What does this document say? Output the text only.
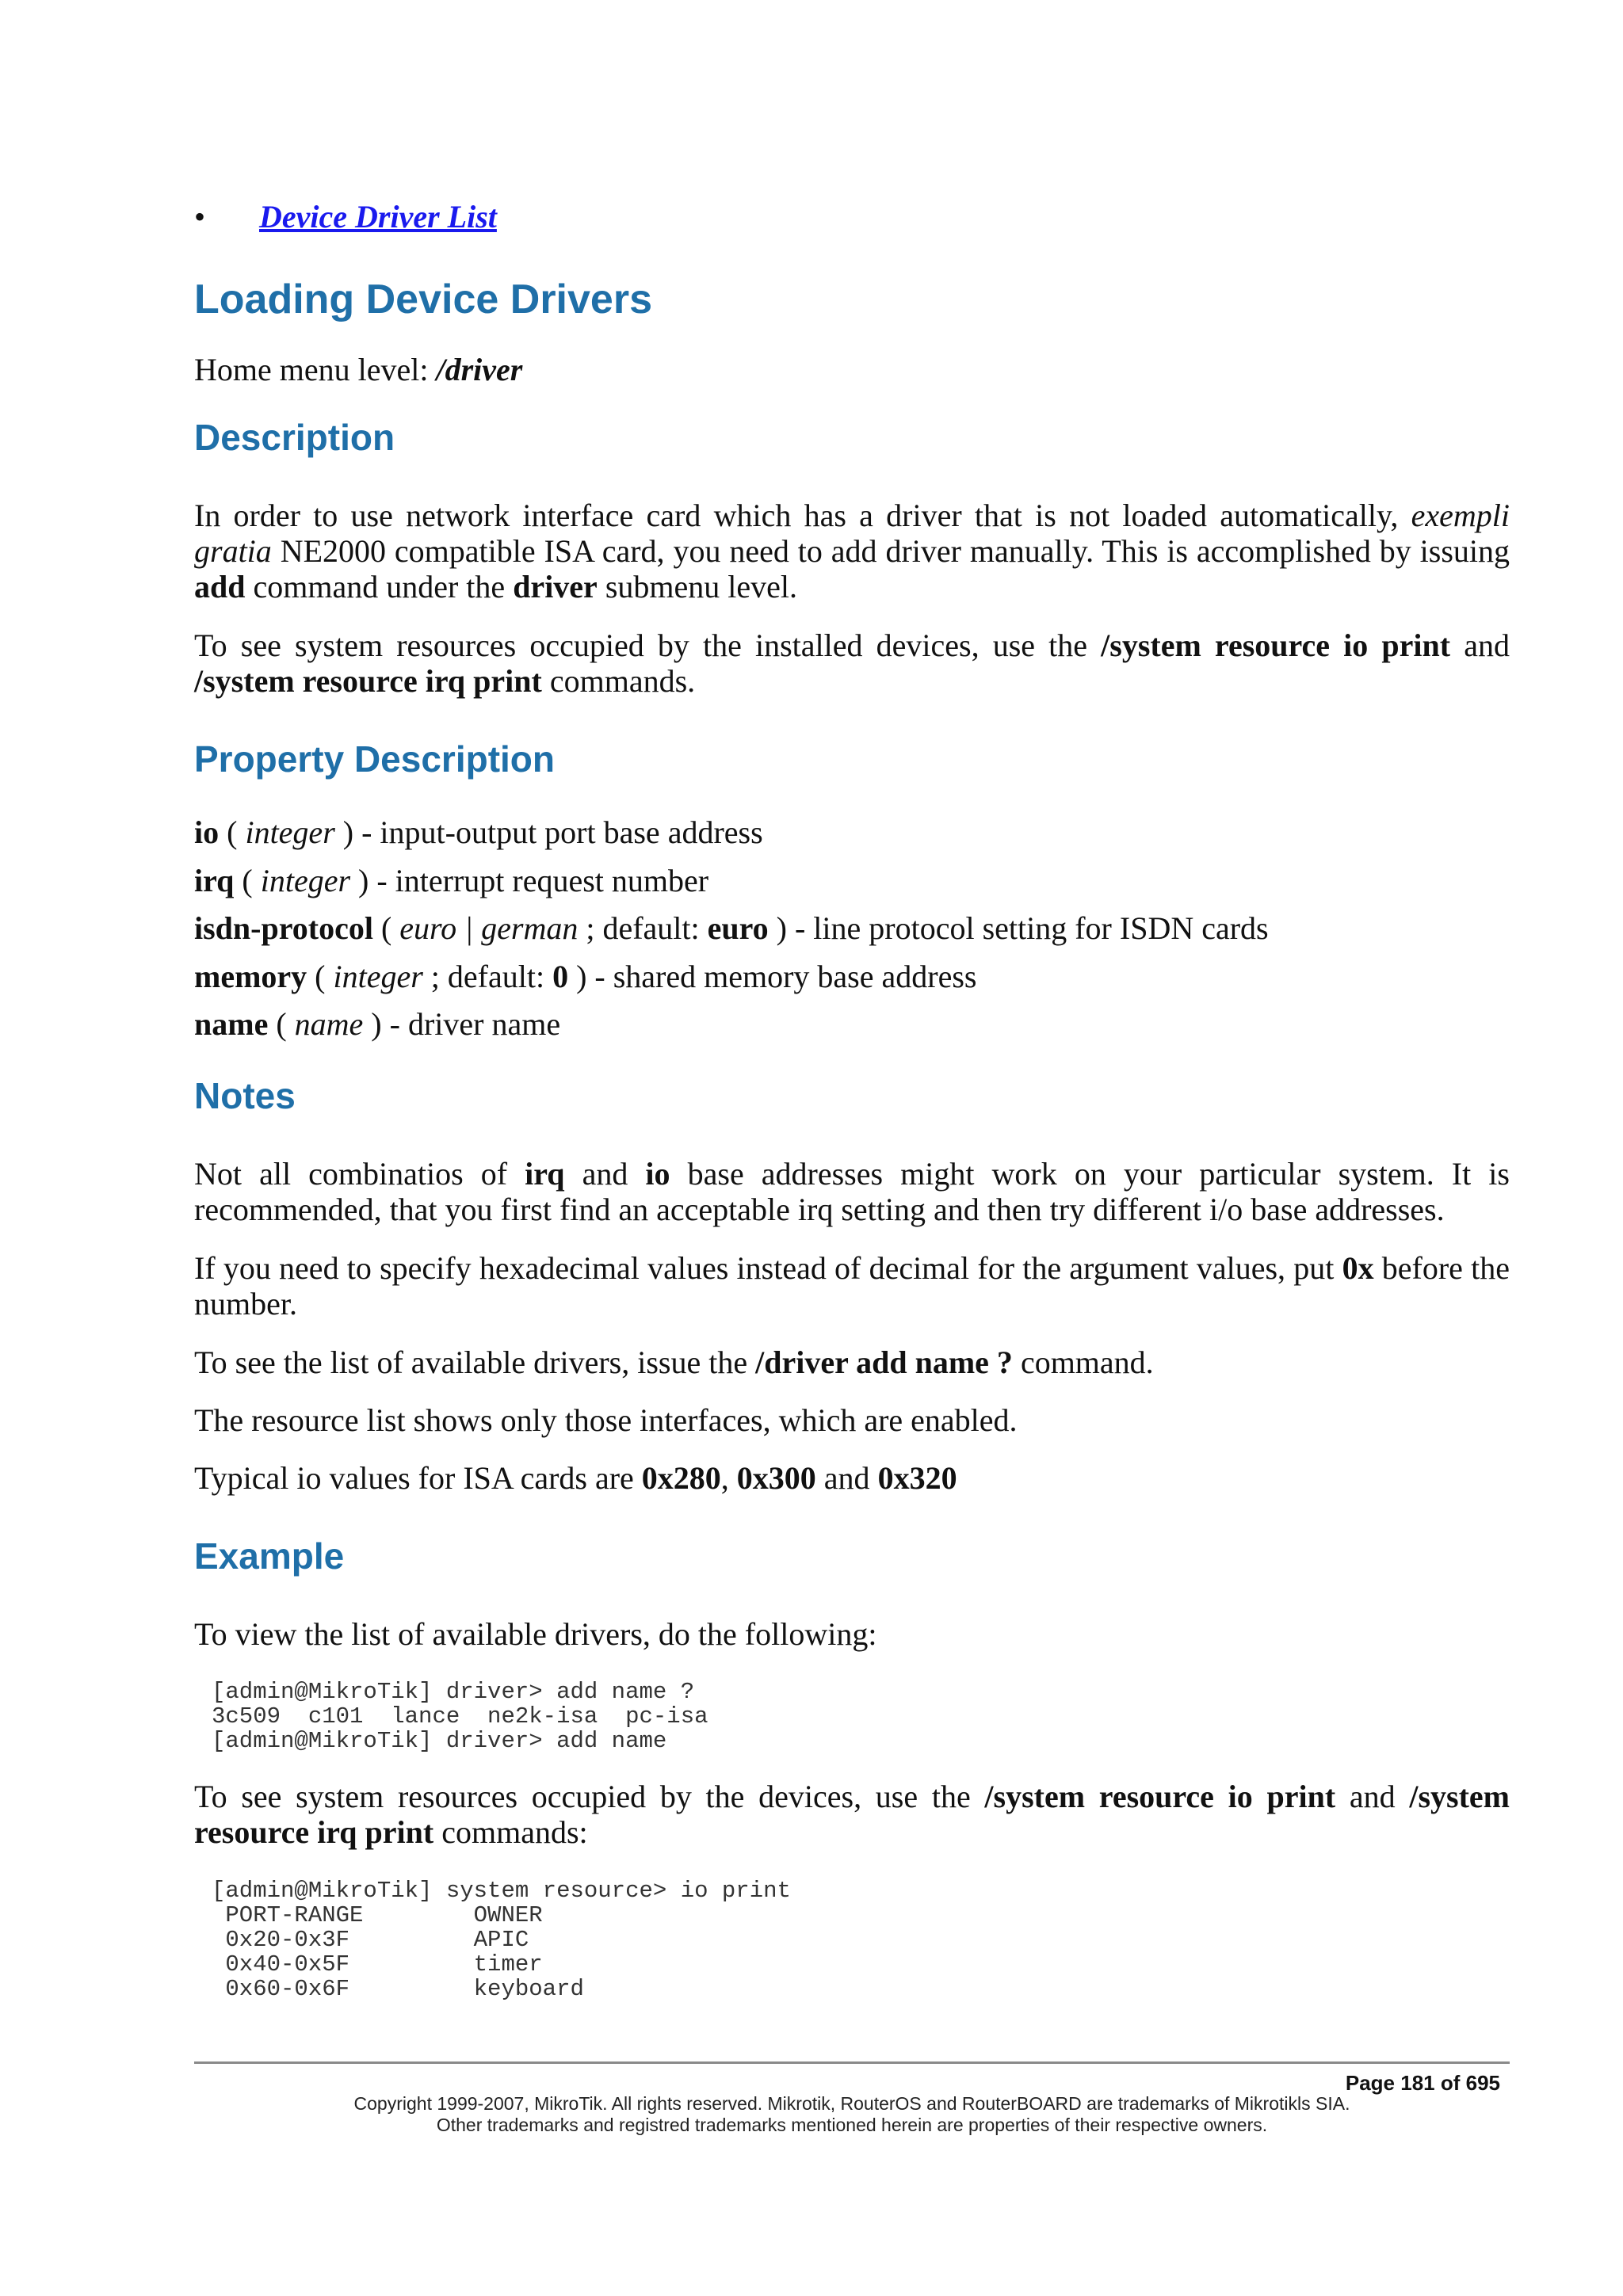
• Device Driver List
Loading Device Drivers

Home menu level: /driver

Description

In order to use network interface card which has a driver that is not loaded automatically, exempli gratia NE2000 compatible ISA card, you need to add driver manually. This is accomplished by issuing add command under the driver submenu level.

To see system resources occupied by the installed devices, use the /system resource io print and /system resource irq print commands.

Property Description

io ( integer ) - input-output port base address

irq ( integer ) - interrupt request number

isdn-protocol ( euro | german ; default: euro ) - line protocol setting for ISDN cards

memory ( integer ; default: 0 ) - shared memory base address

name ( name ) - driver name

Notes

Not all combinatios of irq and io base addresses might work on your particular system. It is recommended, that you first find an acceptable irq setting and then try different i/o base addresses.

If you need to specify hexadecimal values instead of decimal for the argument values, put 0x before the number.

To see the list of available drivers, issue the /driver add name ? command.

The resource list shows only those interfaces, which are enabled.

Typical io values for ISA cards are 0x280, 0x300 and 0x320

Example

To view the list of available drivers, do the following:

[admin@MikroTik] driver> add name ?
3c509  c101  lance  ne2k-isa  pc-isa
[admin@MikroTik] driver> add name

To see system resources occupied by the devices, use the /system resource io print and /system resource irq print commands:

[admin@MikroTik] system resource> io print
PORT-RANGE        OWNER
0x20-0x3F         APIC
0x40-0x5F         timer
0x60-0x6F         keyboard
Page 181 of 695
Copyright 1999-2007, MikroTik. All rights reserved. Mikrotik, RouterOS and RouterBOARD are trademarks of Mikrotikls SIA.
Other trademarks and registred trademarks mentioned herein are properties of their respective owners.
